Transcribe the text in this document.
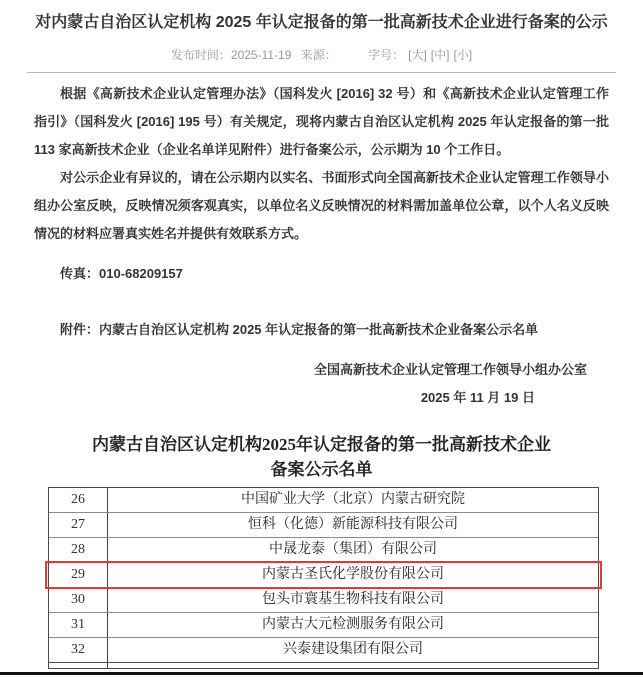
对内蒙古自治区认定机构 2025 年认定报备的第一批高新技术企业进行备案的公示
发布时间：2025-11-19 来源：	字号： [大] [中] [小]

根据《高新技术企业认定管理办法》（国科发火 [2016] 32 号）和《高新技术企业认定管理工作指引》（国科发火 [2016] 195 号）有关规定，现将内蒙古自治区认定机构 2025 年认定报备的第一批 113 家高新技术企业（企业名单详见附件）进行备案公示，公示期为 10 个工作日。

对公示企业有异议的，请在公示期内以实名、书面形式向全国高新技术企业认定管理工作领导小组办公室反映，反映情况须客观真实，以单位名义反映情况的材料需加盖单位公章，以个人名义反映情况的材料应署真实姓名并提供有效联系方式。

传真：010-68209157

附件：内蒙古自治区认定机构 2025 年认定报备的第一批高新技术企业备案公示名单

全国高新技术企业认定管理工作领导小组办公室
2025 年 11 月 19 日
内蒙古自治区认定机构2025年认定报备的第一批高新技术企业
备案公示名单
26	中国矿业大学（北京）内蒙古研究院
27	恒科（化德）新能源科技有限公司
28	中晟龙泰（集团）有限公司
29	内蒙古圣氏化学股份有限公司
30	包头市寰基生物科技有限公司
31	内蒙古大元检测服务有限公司
32	兴泰建设集团有限公司
